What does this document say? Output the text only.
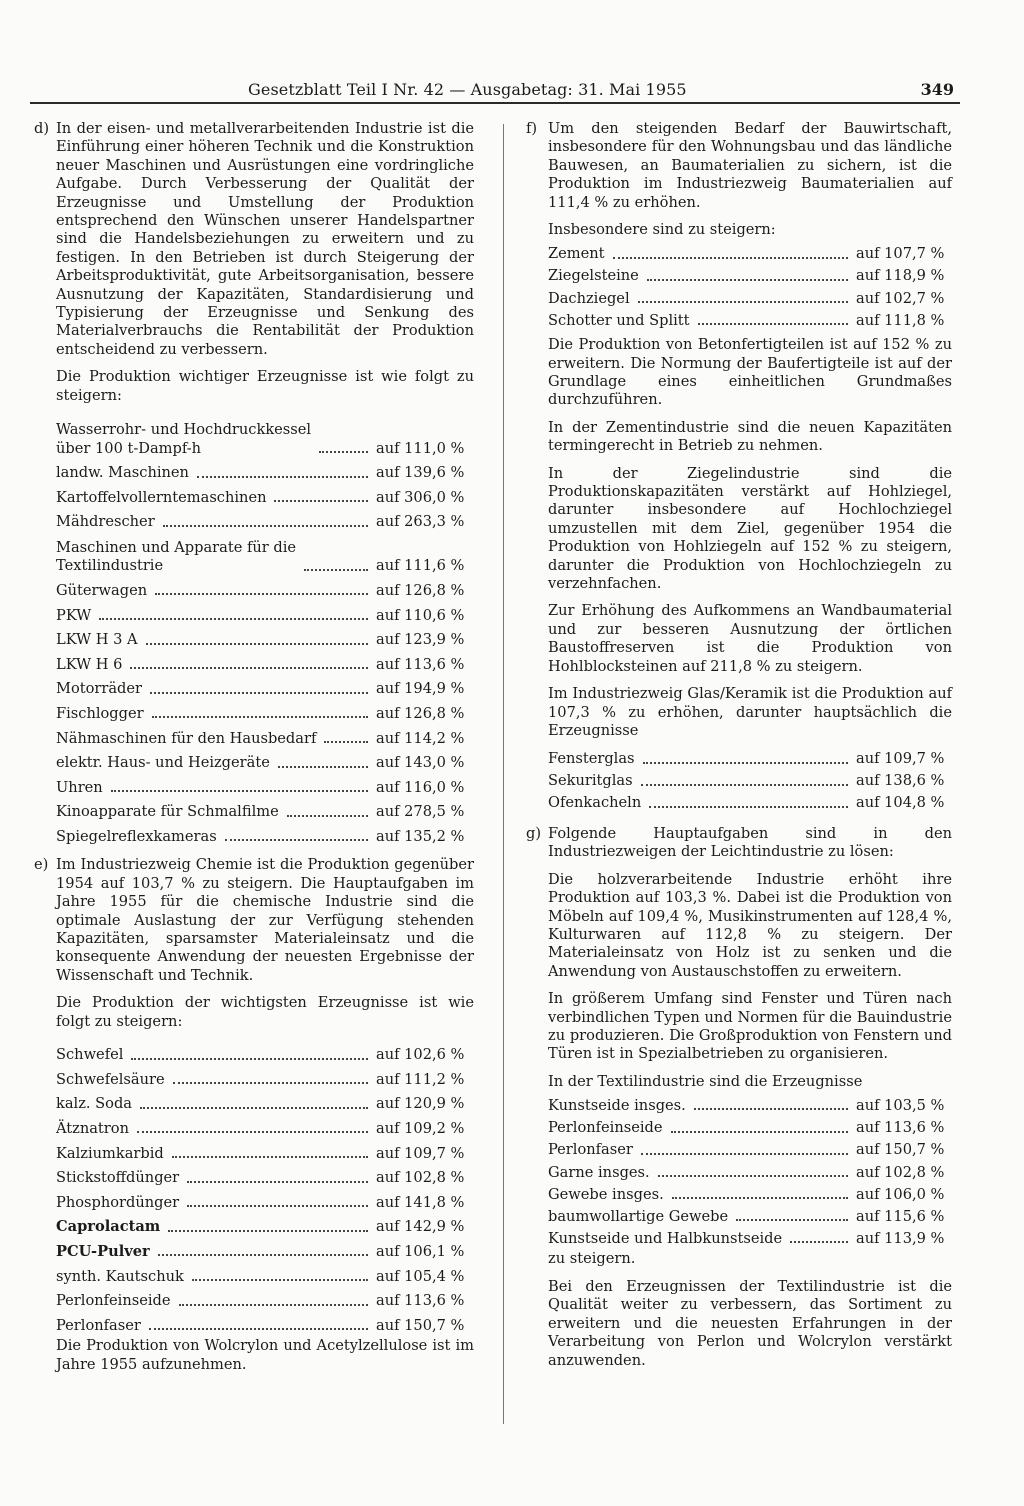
Gesetzblatt Teil I Nr. 42 — Ausgabetag: 31. Mai 1955	349
d) In der eisen- und metallverarbeitenden Industrie ist die Einführung einer höheren Technik und die Konstruktion neuer Maschinen und Ausrüstungen eine vordringliche Aufgabe. Durch Verbesserung der Qualität der Erzeugnisse und Umstellung der Produktion entsprechend den Wünschen unserer Handelspartner sind die Handelsbeziehungen zu erweitern und zu festigen. In den Betrieben ist durch Steigerung der Arbeitsproduktivität, gute Arbeitsorganisation, bessere Ausnutzung der Kapazitäten, Standardisierung und Typisierung der Erzeugnisse und Senkung des Materialverbrauchs die Rentabilität der Produktion entscheidend zu verbessern.
Die Produktion wichtiger Erzeugnisse ist wie folgt zu steigern:
Wasserrohr- und Hochdruckkessel
über 100 t-Dampf-h	auf 111,0 %
landw. Maschinen	auf 139,6 %
Kartoffelvollerntemaschinen	auf 306,0 %
Mähdrescher	auf 263,3 %
Maschinen und Apparate für die
Textilindustrie	auf 111,6 %
Güterwagen	auf 126,8 %
PKW	auf 110,6 %
LKW H 3 A	auf 123,9 %
LKW H 6	auf 113,6 %
Motorräder	auf 194,9 %
Fischlogger	auf 126,8 %
Nähmaschinen für den Hausbedarf	auf 114,2 %
elektr. Haus- und Heizgeräte	auf 143,0 %
Uhren	auf 116,0 %
Kinoapparate für Schmalfilme	auf 278,5 %
Spiegelreflexkameras	auf 135,2 %
e) Im Industriezweig Chemie ist die Produktion gegenüber 1954 auf 103,7 % zu steigern. Die Hauptaufgaben im Jahre 1955 für die chemische Industrie sind die optimale Auslastung der zur Verfügung stehenden Kapazitäten, sparsamster Materialeinsatz und die konsequente Anwendung der neuesten Ergebnisse der Wissenschaft und Technik.
Die Produktion der wichtigsten Erzeugnisse ist wie folgt zu steigern:
Schwefel	auf 102,6 %
Schwefelsäure	auf 111,2 %
kalz. Soda	auf 120,9 %
Ätznatron	auf 109,2 %
Kalziumkarbid	auf 109,7 %
Stickstoffdünger	auf 102,8 %
Phosphordünger	auf 141,8 %
Caprolactam	auf 142,9 %
PCU-Pulver	auf 106,1 %
synth. Kautschuk	auf 105,4 %
Perlonfeinseide	auf 113,6 %
Perlonfaser	auf 150,7 %
Die Produktion von Wolcrylon und Acetylzellulose ist im Jahre 1955 aufzunehmen.
f) Um den steigenden Bedarf der Bauwirtschaft, insbesondere für den Wohnungsbau und das ländliche Bauwesen, an Baumaterialien zu sichern, ist die Produktion im Industriezweig Baumaterialien auf 111,4 % zu erhöhen.
Insbesondere sind zu steigern:
Zement	auf 107,7 %
Ziegelsteine	auf 118,9 %
Dachziegel	auf 102,7 %
Schotter und Splitt	auf 111,8 %
Die Produktion von Betonfertigteilen ist auf 152 % zu erweitern. Die Normung der Baufertigteile ist auf der Grundlage eines einheitlichen Grundmaßes durchzuführen.
In der Zementindustrie sind die neuen Kapazitäten termingerecht in Betrieb zu nehmen.
In der Ziegelindustrie sind die Produktionskapazitäten verstärkt auf Hohlziegel, darunter insbesondere auf Hochlochziegel umzustellen mit dem Ziel, gegenüber 1954 die Produktion von Hohlziegeln auf 152 % zu steigern, darunter die Produktion von Hochlochziegeln zu verzehnfachen.
Zur Erhöhung des Aufkommens an Wandbaumaterial und zur besseren Ausnutzung der örtlichen Baustoffreserven ist die Produktion von Hohlblocksteinen auf 211,8 % zu steigern.
Im Industriezweig Glas/Keramik ist die Produktion auf 107,3 % zu erhöhen, darunter hauptsächlich die Erzeugnisse
Fensterglas	auf 109,7 %
Sekuritglas	auf 138,6 %
Ofenkacheln	auf 104,8 %
g) Folgende Hauptaufgaben sind in den Industriezweigen der Leichtindustrie zu lösen:
Die holzverarbeitende Industrie erhöht ihre Produktion auf 103,3 %. Dabei ist die Produktion von Möbeln auf 109,4 %, Musikinstrumenten auf 128,4 %, Kulturwaren auf 112,8 % zu steigern. Der Materialeinsatz von Holz ist zu senken und die Anwendung von Austauschstoffen zu erweitern.
In größerem Umfang sind Fenster und Türen nach verbindlichen Typen und Normen für die Bauindustrie zu produzieren. Die Großproduktion von Fenstern und Türen ist in Spezialbetrieben zu organisieren.
In der Textilindustrie sind die Erzeugnisse
Kunstseide insges.	auf 103,5 %
Perlonfeinseide	auf 113,6 %
Perlonfaser	auf 150,7 %
Garne insges.	auf 102,8 %
Gewebe insges.	auf 106,0 %
baumwollartige Gewebe	auf 115,6 %
Kunstseide und Halbkunstseide	auf 113,9 %
zu steigern.
Bei den Erzeugnissen der Textilindustrie ist die Qualität weiter zu verbessern, das Sortiment zu erweitern und die neuesten Erfahrungen in der Verarbeitung von Perlon und Wolcrylon verstärkt anzuwenden.
